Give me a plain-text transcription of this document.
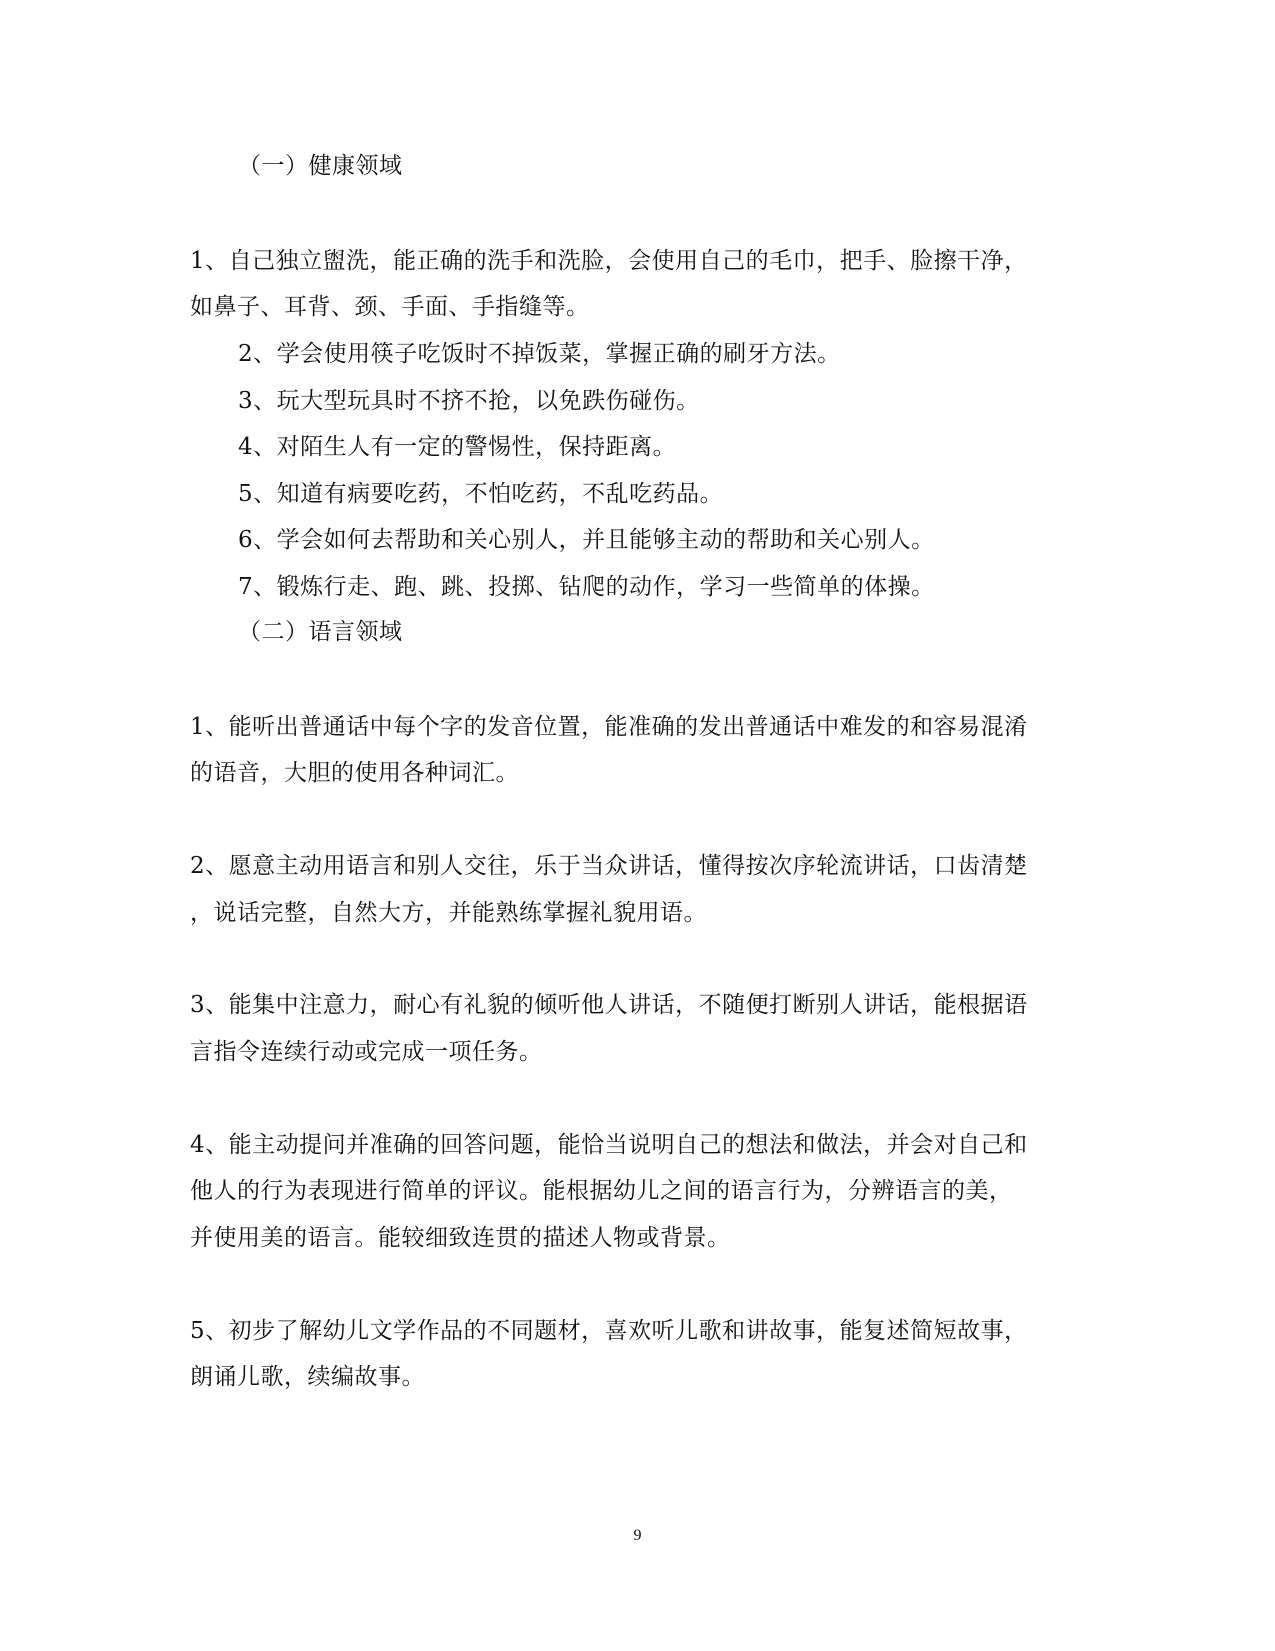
（一）健康领域
1、自己独立盥洗，能正确的洗手和洗脸，会使用自己的毛巾，把手、脸擦干净，
如鼻子、耳背、颈、手面、手指缝等。
2、学会使用筷子吃饭时不掉饭菜，掌握正确的刷牙方法。
3、玩大型玩具时不挤不抢，以免跌伤碰伤。
4、对陌生人有一定的警惕性，保持距离。
5、知道有病要吃药，不怕吃药，不乱吃药品。
6、学会如何去帮助和关心别人，并且能够主动的帮助和关心别人。
7、锻炼行走、跑、跳、投掷、钻爬的动作，学习一些简单的体操。
（二）语言领域
1、能听出普通话中每个字的发音位置，能准确的发出普通话中难发的和容易混淆
的语音，大胆的使用各种词汇。
2、愿意主动用语言和别人交往，乐于当众讲话，懂得按次序轮流讲话，口齿清楚
，说话完整，自然大方，并能熟练掌握礼貌用语。
3、能集中注意力，耐心有礼貌的倾听他人讲话，不随便打断别人讲话，能根据语
言指令连续行动或完成一项任务。
4、能主动提问并准确的回答问题，能恰当说明自己的想法和做法，并会对自己和
他人的行为表现进行简单的评议。能根据幼儿之间的语言行为，分辨语言的美，
并使用美的语言。能较细致连贯的描述人物或背景。
5、初步了解幼儿文学作品的不同题材，喜欢听儿歌和讲故事，能复述简短故事，
朗诵儿歌，续编故事。
9
